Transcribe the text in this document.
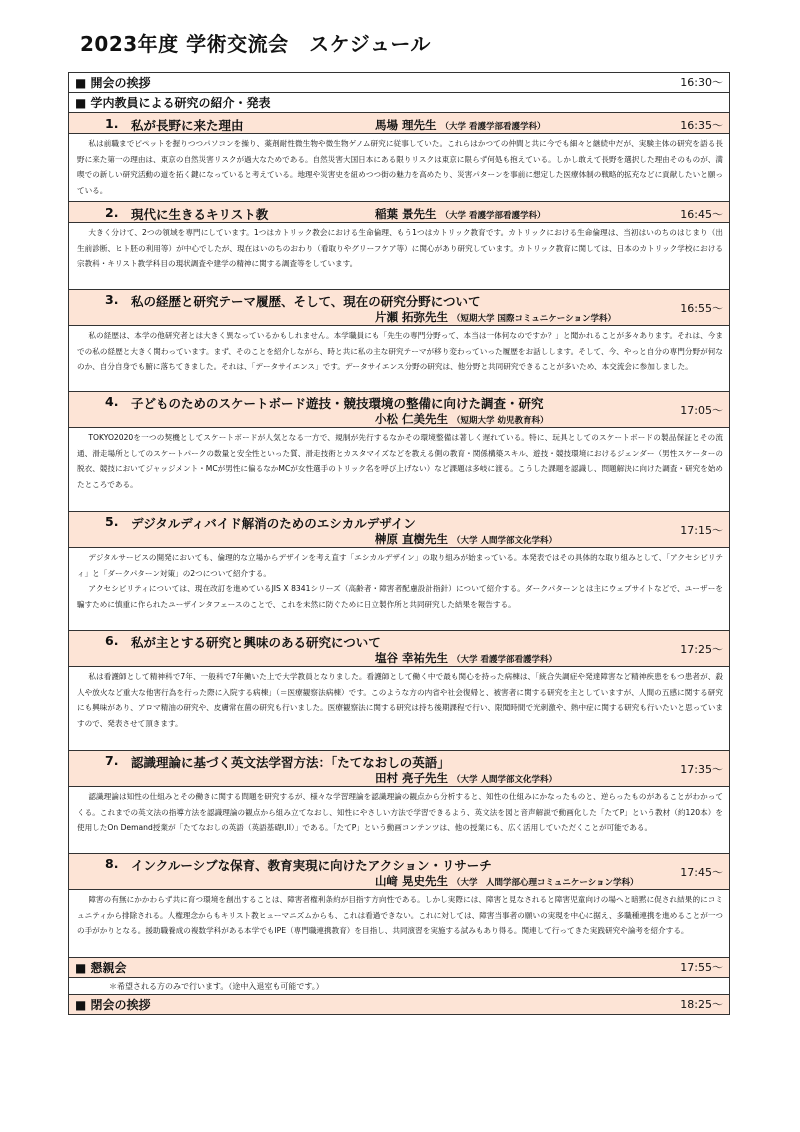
2023年度 学術交流会　スケジュール
■ 開会の挨拶	16:30～
■ 学内教員による研究の紹介・発表
1. 私が長野に来た理由	馬場 理先生 （大学 看護学部看護学科）	16:35～

私は前職までピペットを握りつつパソコンを操り、薬剤耐性微生物や微生物ゲノム研究に従事していた。これらはかつての仲間と共に今でも細々と継続中だが、実験主体の研究を語る長野に来た第一の理由は、東京の自然災害リスクが過大なためである。自然災害大国日本にある限りリスクは東京に限らず何処も抱えている。しかし敢えて長野を選択した理由そのものが、満喫での新しい研究活動の道を拓く鍵になっていると考えている。地理や災害史を紐めつつ街の魅力を高めたり、災害パターンを事前に想定した医療体制の戦略的拡充などに貢献したいと願っている。

2. 現代に生きるキリスト教	稲葉 景先生 （大学 看護学部看護学科）	16:45～

大きく分けて、2つの領域を専門にしています。1つはカトリック教会における生命倫理、もう1つはカトリック教育です。カトリックにおける生命倫理は、当初はいのちのはじまり（出生前診断、ヒト胚の利用等）が中心でしたが、現在はいのちのおわり（看取りやグリーフケア等）に関心があり研究しています。カトリック教育に関しては、日本のカトリック学校における宗教科・キリスト教学科目の現状調査や建学の精神に関する調査等をしています。

3. 私の経歴と研究テーマ履歴、そして、現在の研究分野について
片瀬 拓弥先生 （短期大学 国際コミュニケーション学科）
16:55～

私の経歴は、本学の他研究者とは大きく異なっているかもしれません。本学職員にも「先生の専門分野って、本当は一体何なのですか？」と聞かれることが多々あります。それは、今までの私の経歴と大きく関わっています。まず、そのことを紹介しながら、時と共に私の主な研究テーマが移り変わっていった履歴をお話しします。そして、今、やっと自分の専門分野が何なのか、自分自身でも腑に落ちてきました。それは、「データサイエンス」です。データサイエンス分野の研究は、他分野と共同研究できることが多いため、本交流会に参加しました。

4. 子どものためのスケートボード遊技・競技環境の整備に向けた調査・研究
小松 仁美先生 （短期大学 幼児教育科）
17:05～

TOKYO2020を一つの契機としてスケートボードが人気となる一方で、規制が先行するなかその環境整備は著しく遅れている。特に、玩具としてのスケートボードの製品保証とその流通、滑走場所としてのスケートパークの数量と安全性といった質、滑走技術とカスタマイズなどを教える側の教育・関係構築スキル、遊技・競技環境におけるジェンダー（男性スケーターの脱衣、競技においてジャッジメント・MCが男性に偏るなかMCが女性選手のトリック名を呼び上げない）など課題は多岐に渡る。こうした課題を認識し、問題解決に向けた調査・研究を始めたところである。

5. デジタルディバイド解消のためのエシカルデザイン
榊原 直樹先生 （大学 人間学部文化学科）
17:15～

デジタルサービスの開発においても、倫理的な立場からデザインを考え直す「エシカルデザイン」の取り組みが始まっている。本発表ではその具体的な取り組みとして、「アクセシビリティ」と「ダークパターン対策」の2つについて紹介する。

アクセシビリティについては、現在改訂を進めているJIS X 8341シリーズ（高齢者・障害者配慮設計指針）について紹介する。ダークパターンとは主にウェブサイトなどで、ユーザーを騙すために慎重に作られたユーザインタフェースのことで、これを未然に防ぐために日立製作所と共同研究した結果を報告する。

6. 私が主とする研究と興味のある研究について
塩谷 幸祐先生 （大学 看護学部看護学科）
17:25～

私は看護師として精神科で7年、一般科で7年働いた上で大学教員となりました。看護師として働く中で最も関心を持った病棟は、「統合失調症や発達障害など精神疾患をもつ患者が、殺人や放火など重大な他害行為を行った際に入院する病棟」（＝医療観察法病棟）です。このような方の内省や社会復帰と、被害者に関する研究を主としていますが、人間の五感に関する研究にも興味があり、アロマ精油の研究や、皮膚常在菌の研究も行いました。医療観察法に関する研究は持ち後期課程で行い、限聞時間で光刺激や、熱中症に関する研究も行いたいと思っていますので、発表させて頂きます。

7. 認識理論に基づく英文法学習方法：「たてなおしの英語」
田村 亮子先生 （大学 人間学部文化学科）
17:35～

認識理論は知性の仕組みとその働きに関する問題を研究するが、様々な学習理論を認識理論の観点から分析すると、知性の仕組みにかなったものと、逆らったものがあることがわかってくる。これまでの英文法の指導方法を認識理論の観点から組み立てなおし、知性にやさしい方法で学習できるよう、英文法を図と音声解説で動画化した「たてP」という教材（約120本）を使用したOn Demand授業が「たてなおしの英語（英語基礎I,II）」である。「たてP」という動画コンテンツは、他の授業にも、広く活用していただくことが可能である。

8. インクルーシブな保育、教育実現に向けたアクション・リサーチ
山﨑 晃史先生 （大学　人間学部心理コミュニケーション学科）
17:45～

障害の有無にかかわらず共に育つ環境を創出することは、障害者権利条約が目指す方向性である。しかし実際には、障害と見なされると障害児童向けの場へと暗黙に促され結果的にコミュニティから排除される。人権理念からもキリスト教ヒューマニズムからも、これは看過できない。これに対しては、障害当事者の願いの実現を中心に据え、多職種連携を進めることが一つの手がかりとなる。援助職養成の複数学科がある本学でもIPE（専門職連携教育）を目指し、共同演習を実施する試みもあり得る。関連して行ってきた実践研究や論考を紹介する。

■ 懇親会	17:55～
＊希望される方のみで行います。（途中入退室も可能です。）
■ 閉会の挨拶	18:25～
